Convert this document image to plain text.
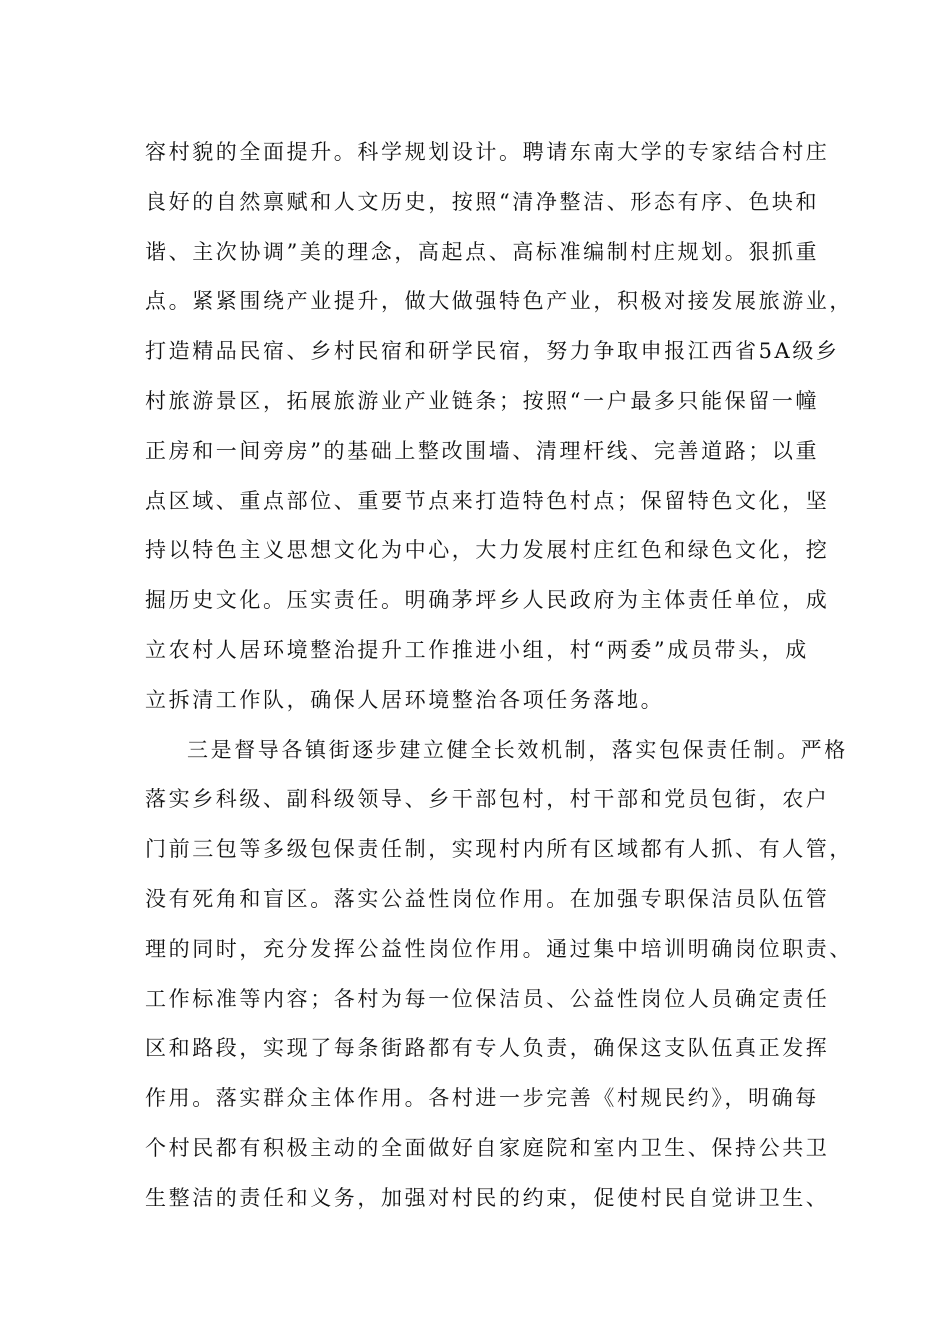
容村貌的全面提升。科学规划设计。聘请东南大学的专家结合村庄
良好的自然禀赋和人文历史，按照“清净整洁、形态有序、色块和
谐、主次协调”美的理念，高起点、高标准编制村庄规划。狠抓重
点。紧紧围绕产业提升，做大做强特色产业，积极对接发展旅游业，
打造精品民宿、乡村民宿和研学民宿，努力争取申报江西省5A级乡
村旅游景区，拓展旅游业产业链条；按照“一户最多只能保留一幢
正房和一间旁房”的基础上整改围墙、清理杆线、完善道路；以重
点区域、重点部位、重要节点来打造特色村点；保留特色文化，坚
持以特色主义思想文化为中心，大力发展村庄红色和绿色文化，挖
掘历史文化。压实责任。明确茅坪乡人民政府为主体责任单位，成
立农村人居环境整治提升工作推进小组，村“两委”成员带头，成
立拆清工作队，确保人居环境整治各项任务落地。
三是督导各镇街逐步建立健全长效机制，落实包保责任制。严格
落实乡科级、副科级领导、乡干部包村，村干部和党员包街，农户
门前三包等多级包保责任制，实现村内所有区域都有人抓、有人管，
没有死角和盲区。落实公益性岗位作用。在加强专职保洁员队伍管
理的同时，充分发挥公益性岗位作用。通过集中培训明确岗位职责、
工作标准等内容；各村为每一位保洁员、公益性岗位人员确定责任
区和路段，实现了每条街路都有专人负责，确保这支队伍真正发挥
作用。落实群众主体作用。各村进一步完善《村规民约》，明确每
个村民都有积极主动的全面做好自家庭院和室内卫生、保持公共卫
生整洁的责任和义务，加强对村民的约束，促使村民自觉讲卫生、
